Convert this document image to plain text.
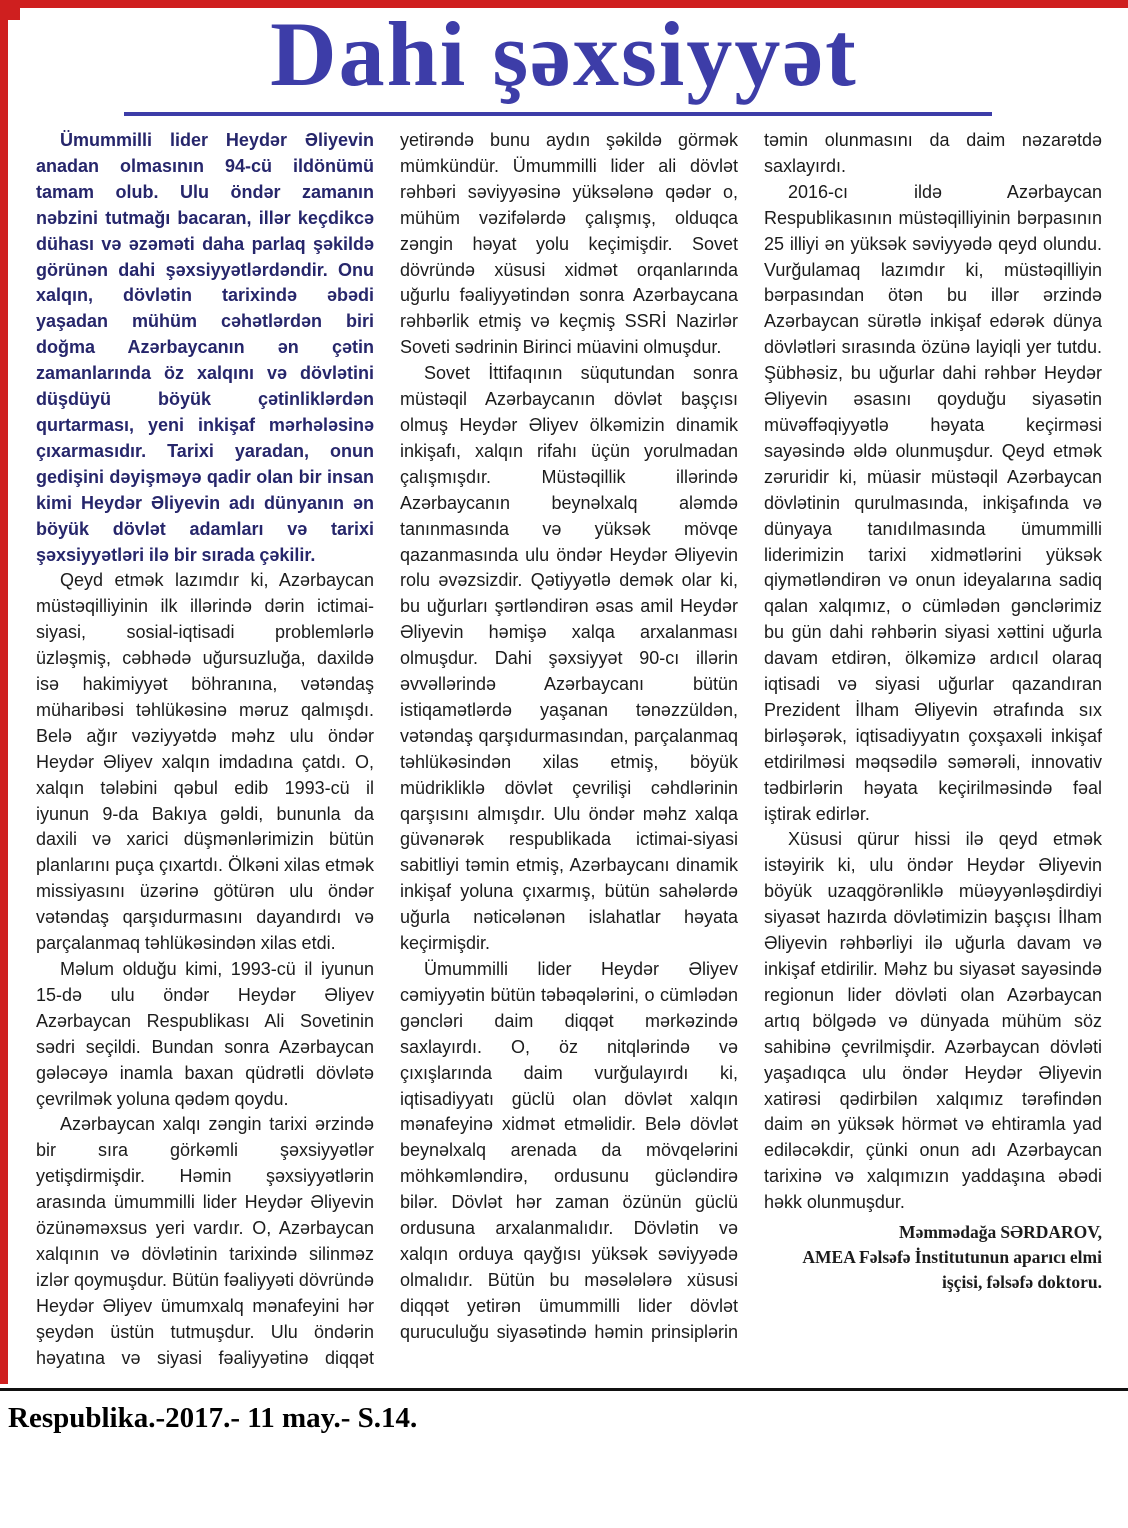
Dahi şəxsiyyət

Ümummilli lider Heydər Əliyevin anadan olmasının 94-cü ildönümü tamam olub. Ulu öndər zamanın nəbzini tutmağı bacaran, illər keçdikcə dühası və əzəməti daha parlaq şəkildə görünən dahi şəxsiyyətlərdəndir. Onu xalqın, dövlətin tarixində əbədi yaşadan mühüm cəhətlərdən biri doğma Azərbaycanın ən çətin zamanlarında öz xalqını və dövlətini düşdüyü böyük çətinliklərdən qurtarması, yeni inkişaf mərhələsinə çıxarmasıdır. Tarixi yaradan, onun gedişini dəyişməyə qadir olan bir insan kimi Heydər Əliyevin adı dünyanın ən böyük dövlət adamları və tarixi şəxsiyyətləri ilə bir sırada çəkilir.

Qeyd etmək lazımdır ki, Azərbaycan müstəqilliyinin ilk illərində dərin ictimai-siyasi, sosial-iqtisadi problemlərlə üzləşmiş, cəbhədə uğursuzluğa, daxildə isə hakimiyyət böhranına, vətəndaş müharibəsi təhlükəsinə məruz qalmışdı. Belə ağır vəziyyətdə məhz ulu öndər Heydər Əliyev xalqın imdadına çatdı. O, xalqın tələbini qəbul edib 1993-cü il iyunun 9-da Bakıya gəldi, bununla da daxili və xarici düşmənlərimizin bütün planlarını puça çıxartdı. Ölkəni xilas etmək missiyasını üzərinə götürən ulu öndər vətəndaş qarşıdurmasını dayandırdı və parçalanmaq təhlükəsindən xilas etdi.

Məlum olduğu kimi, 1993-cü il iyunun 15-də ulu öndər Heydər Əliyev Azərbaycan Respublikası Ali Sovetinin sədri seçildi. Bundan sonra Azərbaycan gələcəyə inamla baxan qüdrətli dövlətə çevrilmək yoluna qədəm qoydu.

Azərbaycan xalqı zəngin tarixi ərzində bir sıra görkəmli şəxsiyyətlər yetişdirmişdir. Həmin şəxsiyyətlərin arasında ümummilli lider Heydər Əliyevin özünəməxsus yeri vardır. O, Azərbaycan xalqının və dövlətinin tarixində silinməz izlər qoymuşdur. Bütün fəaliyyəti dövründə Heydər Əliyev ümumxalq mənafeyini hər şeydən üstün tutmuşdur. Ulu öndərin həyatına və siyasi fəaliyyətinə diqqət yetirəndə bunu aydın şəkildə görmək mümkündür. Ümummilli lider ali dövlət rəhbəri səviyyəsinə yüksələnə qədər o, mühüm vəzifələrdə çalışmış, olduqca zəngin həyat yolu keçimişdir. Sovet dövründə xüsusi xidmət orqanlarında uğurlu fəaliyyətindən sonra Azərbaycana rəhbərlik etmiş və keçmiş SSRİ Nazirlər Soveti sədrinin Birinci müavini olmuşdur.

Sovet İttifaqının süqutundan sonra müstəqil Azərbaycanın dövlət başçısı olmuş Heydər Əliyev ölkəmizin dinamik inkişafı, xalqın rifahı üçün yorulmadan çalışmışdır. Müstəqillik illərində Azərbaycanın beynəlxalq aləmdə tanınmasında və yüksək mövqe qazanmasında ulu öndər Heydər Əliyevin rolu əvəzsizdir. Qətiyyətlə demək olar ki, bu uğurları şərtləndirən əsas amil Heydər Əliyevin həmişə xalqa arxalanması olmuşdur. Dahi şəxsiyyət 90-cı illərin əvvəllərində Azərbaycanı bütün istiqamətlərdə yaşanan tənəzzüldən, vətəndaş qarşıdurmasından, parçalanmaq təhlükəsindən xilas etmiş, böyük müdrikliklə dövlət çevrilişi cəhdlərinin qarşısını almışdır. Ulu öndər məhz xalqa güvənərək respublikada ictimai-siyasi sabitliyi təmin etmiş, Azərbaycanı dinamik inkişaf yoluna çıxarmış, bütün sahələrdə uğurla nəticələnən islahatlar həyata keçirmişdir.

Ümummilli lider Heydər Əliyev cəmiyyətin bütün təbəqələrini, o cümlədən gəncləri daim diqqət mərkəzində saxlayırdı. O, öz nitqlərində və çıxışlarında daim vurğulayırdı ki, iqtisadiyyatı güclü olan dövlət xalqın mənafeyinə xidmət etməlidir. Belə dövlət beynəlxalq arenada da mövqelərini möhkəmləndirə, ordusunu gücləndirə bilər. Dövlət hər zaman özünün güclü ordusuna arxalanmalıdır. Dövlətin və xalqın orduya qayğısı yüksək səviyyədə olmalıdır. Bütün bu məsələlərə xüsusi diqqət yetirən ümummilli lider dövlət quruculuğu siyasətində həmin prinsiplərin təmin olunmasını da daim nəzarətdə saxlayırdı.

2016-cı ildə Azərbaycan Respublikasının müstəqilliyinin bərpasının 25 illiyi ən yüksək səviyyədə qeyd olundu. Vurğulamaq lazımdır ki, müstəqilliyin bərpasından ötən bu illər ərzində Azərbaycan sürətlə inkişaf edərək dünya dövlətləri sırasında özünə layiqli yer tutdu. Şübhəsiz, bu uğurlar dahi rəhbər Heydər Əliyevin əsasını qoyduğu siyasətin müvəffəqiyyətlə həyata keçirməsi sayəsində əldə olunmuşdur. Qeyd etmək zəruridir ki, müasir müstəqil Azərbaycan dövlətinin qurulmasında, inkişafında və dünyaya tanıdılmasında ümummilli liderimizin tarixi xidmətlərini yüksək qiymətləndirən və onun ideyalarına sadiq qalan xalqımız, o cümlədən gənclərimiz bu gün dahi rəhbərin siyasi xəttini uğurla davam etdirən, ölkəmizə ardıcıl olaraq iqtisadi və siyasi uğurlar qazandıran Prezident İlham Əliyevin ətrafında sıx birləşərək, iqtisadiyyatın çoxşaxəli inkişaf etdirilməsi məqsədilə səmərəli, innovativ tədbirlərin həyata keçirilməsində fəal iştirak edirlər.

Xüsusi qürur hissi ilə qeyd etmək istəyirik ki, ulu öndər Heydər Əliyevin böyük uzaqgörənliklə müəyyənləşdirdiyi siyasət hazırda dövlətimizin başçısı İlham Əliyevin rəhbərliyi ilə uğurla davam və inkişaf etdirilir. Məhz bu siyasət sayəsində regionun lider dövləti olan Azərbaycan artıq bölgədə və dünyada mühüm söz sahibinə çevrilmişdir. Azərbaycan dövləti yaşadıqca ulu öndər Heydər Əliyevin xatirəsi qədirbilən xalqımız tərəfindən daim ən yüksək hörmət və ehtiramla yad ediləcəkdir, çünki onun adı Azərbaycan tarixinə və xalqımızın yaddaşına əbədi həkk olunmuşdur.

Məmmədağa SƏRDAROV,

AMEA Fəlsəfə İnstitutunun aparıcı elmi işçisi, fəlsəfə doktoru.

Respublika.-2017.- 11 may.- S.14.
